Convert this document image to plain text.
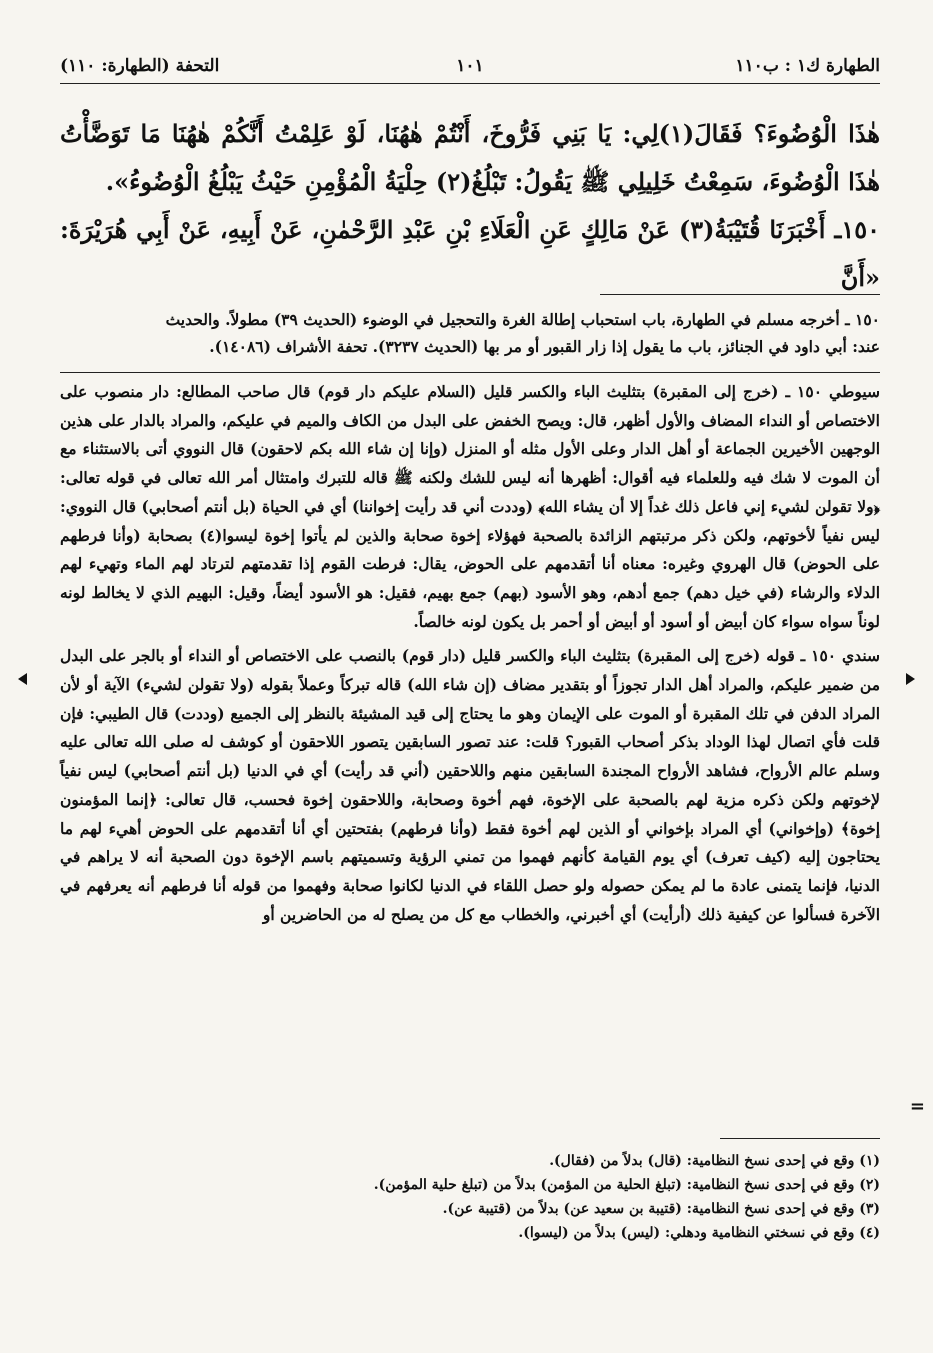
الطهارة ك١ : ب١١٠
١٠١
التحفة (الطهارة: ١١٠)

هٰذَا الْوُضُوءَ؟ فَقَالَ(١)لِي: يَا بَنِي فَرُّوخَ، أَنْتُمْ هٰهُنَا، لَوْ عَلِمْتُ أَنَّكُمْ هٰهُنَا مَا تَوَضَّأْتُ هٰذَا الْوُضُوءَ، سَمِعْتُ خَلِيلِي ﷺ يَقُولُ: تَبْلُغُ(٢) حِلْيَةُ الْمُؤْمِنِ حَيْثُ يَبْلُغُ الْوُضُوءُ».

١٥٠ـ أَخْبَرَنَا قُتَيْبَةُ(٣) عَنْ مَالِكٍ عَنِ الْعَلَاءِ بْنِ عَبْدِ الرَّحْمٰنِ، عَنْ أَبِيهِ، عَنْ أَبِي هُرَيْرَةَ: «أَنَّ

١٥٠ ـ أخرجه مسلم في الطهارة، باب استحباب إطالة الغرة والتحجيل في الوضوء (الحديث ٣٩) مطولاً. والحديث

عند: أبي داود في الجنائز، باب ما يقول إذا زار القبور أو مر بها (الحديث ٣٢٣٧). تحفة الأشراف (١٤٠٨٦).

سيوطي ١٥٠ ـ (خرج إلى المقبرة) بتثليث الباء والكسر قليل (السلام عليكم دار قوم) قال صاحب المطالع: دار منصوب على الاختصاص أو النداء المضاف والأول أظهر، قال: ويصح الخفض على البدل من الكاف والميم في عليكم، والمراد بالدار على هذين الوجهين الأخيرين الجماعة أو أهل الدار وعلى الأول مثله أو المنزل (وإنا إن شاء الله بكم لاحقون) قال النووي أتى بالاستثناء مع أن الموت لا شك فيه وللعلماء فيه أقوال: أظهرها أنه ليس للشك ولكنه ﷺ قاله للتبرك وامتثال أمر الله تعالى في قوله تعالى: ﴿ولا تقولن لشيء إني فاعل ذلك غداً إلا أن يشاء الله﴾ (وددت أني قد رأيت إخواننا) أي في الحياة (بل أنتم أصحابي) قال النووي: ليس نفياً لأخوتهم، ولكن ذكر مرتبتهم الزائدة بالصحبة فهؤلاء إخوة صحابة والذين لم يأتوا إخوة ليسوا(٤) بصحابة (وأنا فرطهم على الحوض) قال الهروي وغيره: معناه أنا أتقدمهم على الحوض، يقال: فرطت القوم إذا تقدمتهم لترتاد لهم الماء وتهيء لهم الدلاء والرشاء (في خيل دهم) جمع أدهم، وهو الأسود (بهم) جمع بهيم، فقيل: هو الأسود أيضاً، وقيل: البهيم الذي لا يخالط لونه لوناً سواه سواء كان أبيض أو أسود أو أبيض أو أحمر بل يكون لونه خالصاً.

سندي ١٥٠ ـ قوله (خرج إلى المقبرة) بتثليث الباء والكسر قليل (دار قوم) بالنصب على الاختصاص أو النداء أو بالجر على البدل من ضمير عليكم، والمراد أهل الدار تجوزاً أو بتقدير مضاف (إن شاء الله) قاله تبركاً وعملاً بقوله (ولا تقولن لشيء) الآية أو لأن المراد الدفن في تلك المقبرة أو الموت على الإيمان وهو ما يحتاج إلى قيد المشيئة بالنظر إلى الجميع (وددت) قال الطيبي: فإن قلت فأي اتصال لهذا الوداد بذكر أصحاب القبور؟ قلت: عند تصور السابقين يتصور اللاحقون أو كوشف له صلى الله تعالى عليه وسلم عالم الأرواح، فشاهد الأرواح المجندة السابقين منهم واللاحقين (أني قد رأيت) أي في الدنيا (بل أنتم أصحابي) ليس نفياً لإخوتهم ولكن ذكره مزية لهم بالصحبة على الإخوة، فهم أخوة وصحابة، واللاحقون إخوة فحسب، قال تعالى: ﴿إنما المؤمنون إخوة﴾ (وإخواني) أي المراد بإخواني أو الذين لهم أخوة فقط (وأنا فرطهم) بفتحتين أي أنا أتقدمهم على الحوض أهيء لهم ما يحتاجون إليه (كيف تعرف) أي يوم القيامة كأنهم فهموا من تمني الرؤية وتسميتهم باسم الإخوة دون الصحبة أنه لا يراهم في الدنيا، فإنما يتمنى عادة ما لم يمكن حصوله ولو حصل اللقاء في الدنيا لكانوا صحابة وفهموا من قوله أنا فرطهم أنه يعرفهم في الآخرة فسألوا عن كيفية ذلك (أرأيت) أي أخبرني، والخطاب مع كل من يصلح له من الحاضرين أو

(١) وقع في إحدى نسخ النظامية: (قال) بدلاً من (فقال).
(٢) وقع في إحدى نسخ النظامية: (تبلغ الحلية من المؤمن) بدلاً من (تبلغ حلية المؤمن).
(٣) وقع في إحدى نسخ النظامية: (قتيبة بن سعيد عن) بدلاً من (قتيبة عن).
(٤) وقع في نسختي النظامية ودهلي: (ليس) بدلاً من (ليسوا).
=
